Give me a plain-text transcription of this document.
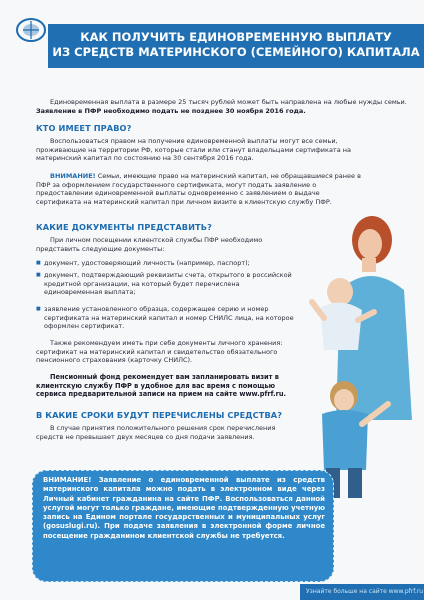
КАК ПОЛУЧИТЬ ЕДИНОВРЕМЕННУЮ ВЫПЛАТУ
ИЗ СРЕДСТВ МАТЕРИНСКОГО (СЕМЕЙНОГО) КАПИТАЛА
Единовременная выплата в размере 25 тысяч рублей может быть направлена на любые нужды семьи. Заявление в ПФР необходимо подать не позднее 30 ноября 2016 года.
КТО ИМЕЕТ ПРАВО?
Воспользоваться правом на получение единовременной выплаты могут все семьи, проживающие на территории РФ, которые стали или станут владельцами сертификата на материнский капитал по состоянию на 30 сентября 2016 года.
ВНИМАНИЕ! Семьи, имеющие право на материнский капитал, не обращавшиеся ранее в ПФР за оформлением государственного сертификата, могут подать заявление о предоставлении единовременной выплаты одновременно с заявлением о выдаче сертификата на материнский капитал при личном визите в клиентскую службу ПФР.
КАКИЕ ДОКУМЕНТЫ ПРЕДСТАВИТЬ?
При личном посещении клиентской службы ПФР необходимо представить следующие документы:
■ документ, удостоверяющий личность (например, паспорт);
■ документ, подтверждающий реквизиты счета, открытого в российской кредитной организации, на который будет перечислена единовременная выплата;
■ заявление установленного образца, содержащее серию и номер сертификата на материнский капитал и номер СНИЛС лица, на которое оформлен сертификат.
Также рекомендуем иметь при себе документы личного хранения: сертификат на материнский капитал и свидетельство обязательного пенсионного страхования (карточку СНИЛС).
Пенсионный фонд рекомендует вам запланировать визит в клиентскую службу ПФР в удобное для вас время с помощью сервиса предварительной записи на прием на сайте www.pfrf.ru.
В КАКИЕ СРОКИ БУДУТ ПЕРЕЧИСЛЕНЫ СРЕДСТВА?
В случае принятия положительного решения срок перечисления средств не превышает двух месяцев со дня подачи заявления.
ВНИМАНИЕ! Заявление о единовременной выплате из средств материнского капитала можно подать в электронном виде через Личный кабинет гражданина на сайте ПФР. Воспользоваться данной услугой могут только граждане, имеющие подтвержденную учетную запись на Едином портале государственных и муниципальных услуг (gosuslugi.ru). При подаче заявления в электронной форме личное посещение гражданином клиентской службы не требуется.
Узнайте больше на сайте www.pfrf.ru
